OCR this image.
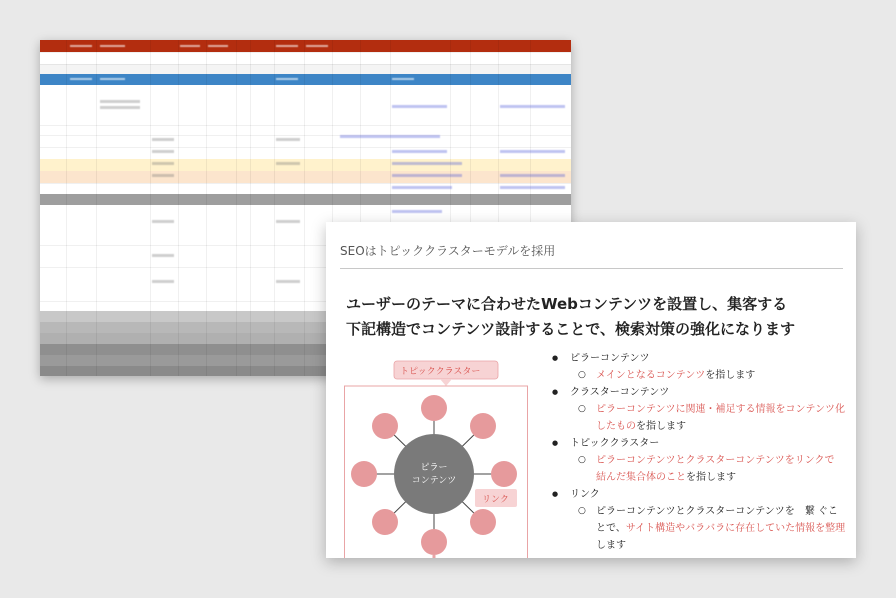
SEOはトピッククラスターモデルを採用
ユーザーのテーマに合わせたWebコンテンツを設置し、集客する
下記構造でコンテンツ設計することで、検索対策の強化になります
トピッククラスター
ピラー
コンテンツ
リンク
● ピラーコンテンツ
○ メインとなるコンテンツを指します
● クラスターコンテンツ
○ ピラーコンテンツに関連・補足する情報をコンテンツ化したものを指します
● トピッククラスター
○ ピラーコンテンツとクラスターコンテンツをリンクで 結んだ集合体のことを指します
● リンク
○ ピラーコンテンツとクラスターコンテンツを　繋 ぐことで、サイト構造やバラバラに存在していた情報を整理します
